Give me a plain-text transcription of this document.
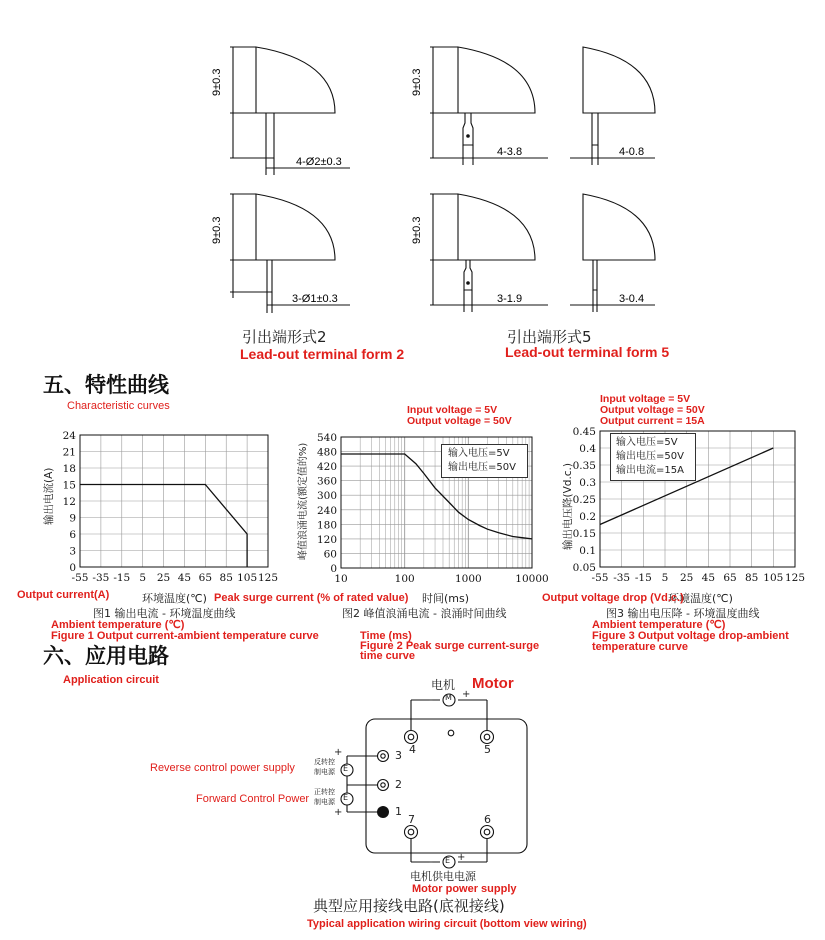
9±0.3	9±0.3
9±0.3	9±0.3
4-Ø2±0.3
4-3.8	4-0.8
3-Ø1±0.3	3-1.9	3-0.4
引出端形式2
Lead-out terminal form 2
引出端形式5
Lead-out terminal form 5
五、特性曲线
Characteristic curves	Input voltage = 5V
Output voltage = 50V
Input voltage = 5V
Output voltage = 50V
Output current = 15A
-55 -35 -15 5 25 45 65 85 105 125
0
3
6
9
12
15
18
21
24
10	100	1000	10000
0
60
120
180
240
300
360
420
480
540
-55 -35 -15 5 25 45 65 85 105 125
0.05
0.1
0.15
0.2
0.25
0.3
0.35
0.4
0.45
输出电流(A)	峰值浪涌电流(额定值的%)	输出电压降(Vd.c.)
环境温度(℃)	时间(ms)	环境温度(℃)
输入电压=5V
输出电压=50V
输入电压=5V
输出电压=50V
输出电流=15A
Output current(A)	Peak surge current (% of rated value)	Output voltage drop (Vd.c.)
图1 输出电流 - 环境温度曲线	图2 峰值浪涌电流 - 浪涌时间曲线	图3 输出电压降 - 环境温度曲线
Ambient temperature (℃)
Figure 1 Output current-ambient temperature curve	Time (ms)
Figure 2 Peak surge current-surge
time curve
Ambient temperature (℃)
Figure 3 Output voltage drop-ambient
temperature curve
六、应用电路
Application circuit	电机 Motor
-	+
M
4	5
7	6
3
2
1
+
+
E
E
反转控
制电源
正转控
制电源
Reverse control power supply
Forward Control Power
- +
E
电机供电电源
Motor power supply
典型应用接线电路(底视接线)
Typical application wiring circuit (bottom view wiring)
